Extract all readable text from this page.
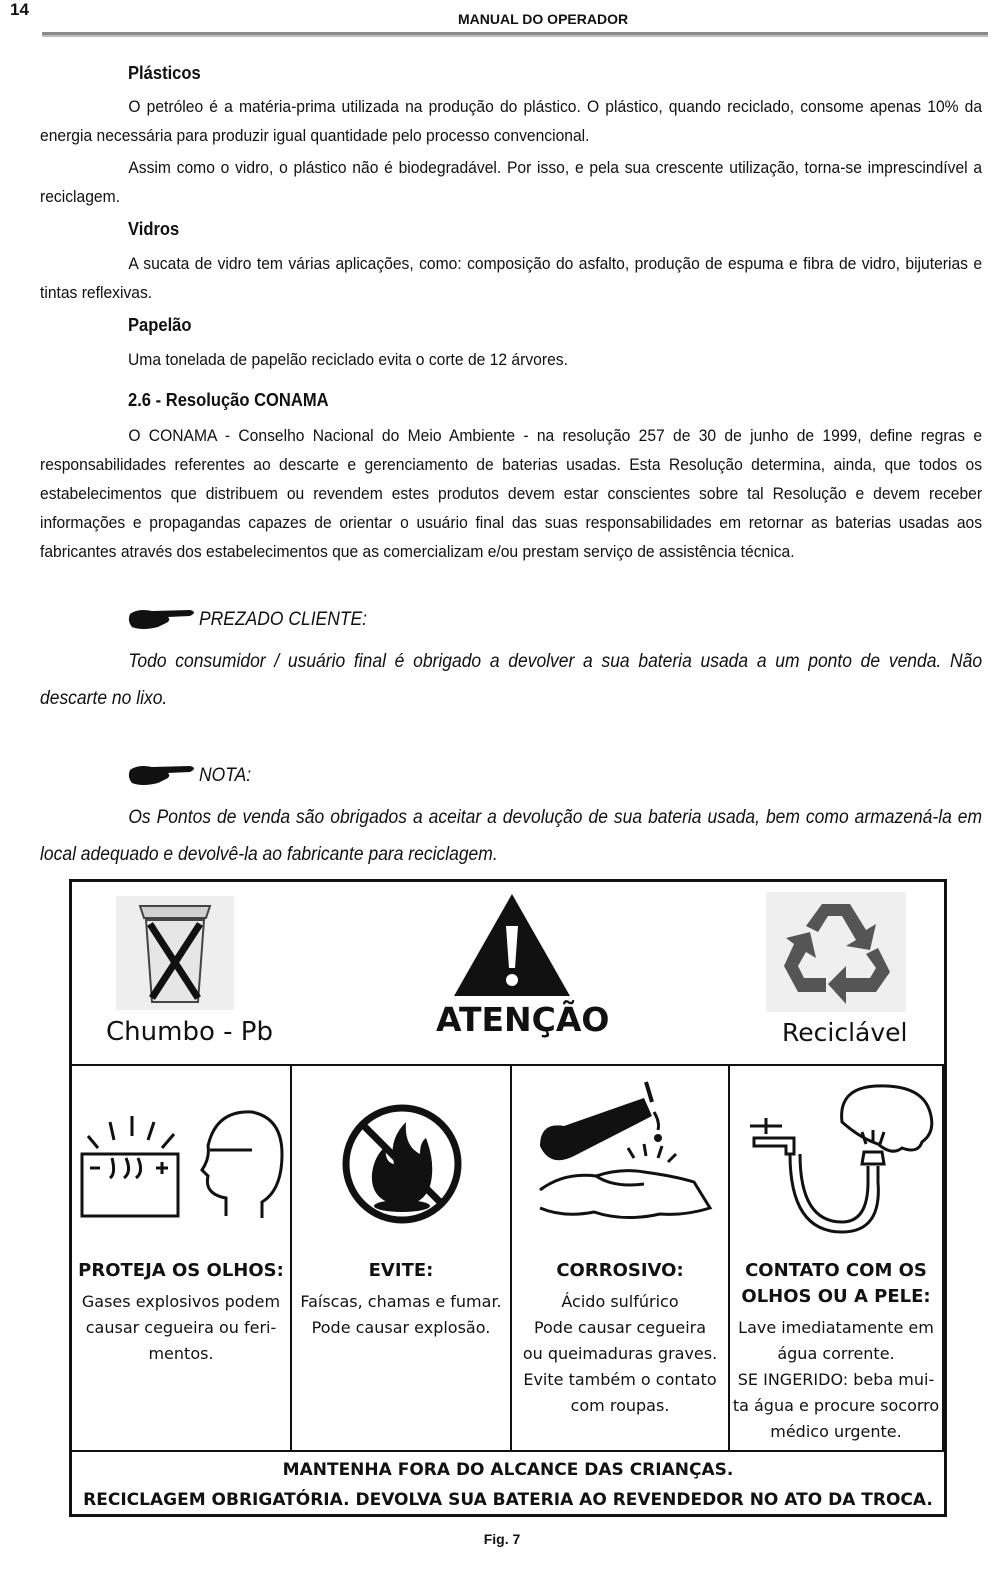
14	MANUAL DO OPERADOR
Plásticos
O petróleo é a matéria-prima utilizada na produção do plástico. O plástico, quando reciclado, consome apenas 10% da energia necessária para produzir igual quantidade pelo processo convencional.
Assim como o vidro, o plástico não é biodegradável. Por isso, e pela sua crescente utilização, torna-se imprescindível a reciclagem.
Vidros
A sucata de vidro tem várias aplicações, como: composição do asfalto, produção de espuma e fibra de vidro, bijuterias e tintas reflexivas.
Papelão
Uma tonelada de papelão reciclado evita o corte de 12 árvores.
2.6 - Resolução CONAMA
O CONAMA - Conselho Nacional do Meio Ambiente - na resolução 257 de 30 de junho de 1999, define regras e responsabilidades referentes ao descarte e gerenciamento de baterias usadas. Esta Resolução determina, ainda, que todos os estabelecimentos que distribuem ou revendem estes produtos devem estar conscientes sobre tal Resolução e devem receber informações e propagandas capazes de orientar o usuário final das suas responsabilidades em retornar as baterias usadas aos fabricantes através dos estabelecimentos que as comercializam e/ou prestam serviço de assistência técnica.
PREZADO CLIENTE:
Todo consumidor / usuário final é obrigado a devolver a sua bateria usada a um ponto de venda. Não descarte no lixo.
NOTA:
Os Pontos de venda são obrigados a aceitar a devolução de sua bateria usada, bem como armazená-la em local adequado e devolvê-la ao fabricante para reciclagem.
Chumbo - Pb	ATENÇÃO	Reciclável
PROTEJA OS OLHOS:
Gases explosivos podem
causar cegueira ou feri-
mentos.
EVITE:
Faíscas, chamas e fumar.
Pode causar explosão.
CORROSIVO:
Ácido sulfúrico
Pode causar cegueira
ou queimaduras graves.
Evite também o contato
com roupas.
CONTATO COM OS
OLHOS OU A PELE:
Lave imediatamente em
água corrente.
SE INGERIDO: beba mui-
ta água e procure socorro
médico urgente.
MANTENHA FORA DO ALCANCE DAS CRIANÇAS.
RECICLAGEM OBRIGATÓRIA. DEVOLVA SUA BATERIA AO REVENDEDOR NO ATO DA TROCA.
Fig. 7
